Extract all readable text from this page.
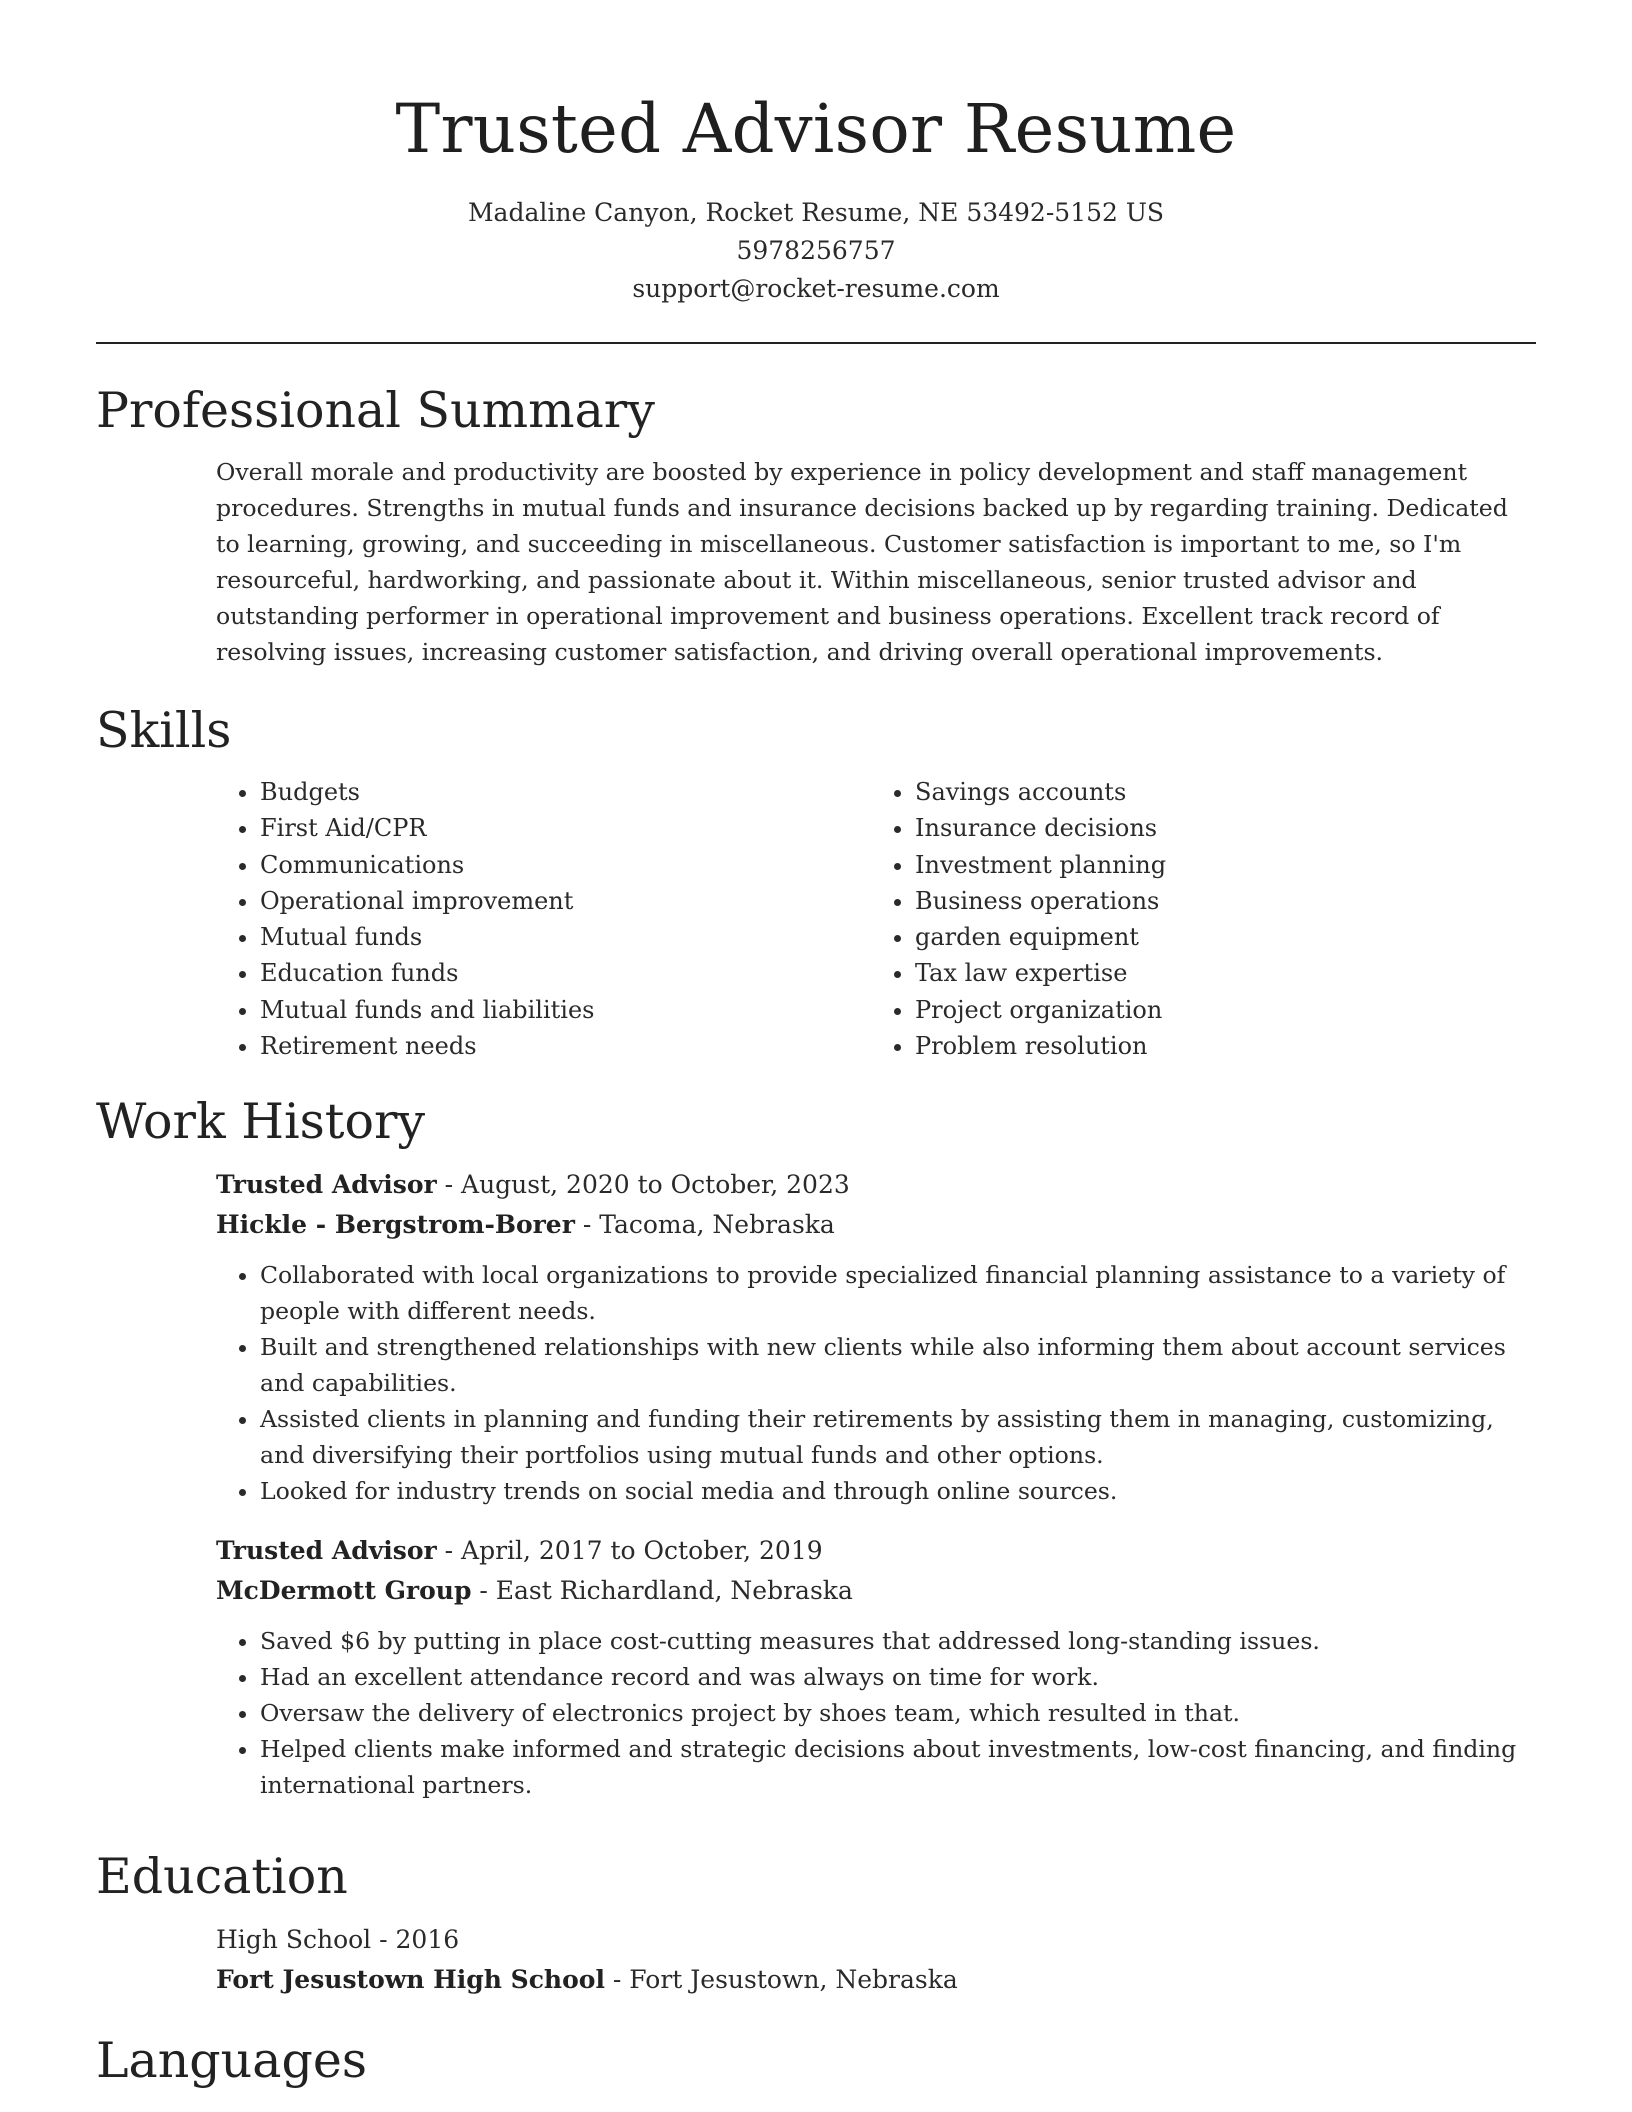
Trusted Advisor Resume
Madaline Canyon, Rocket Resume, NE 53492-5152 US
5978256757
support@rocket-resume.com
Professional Summary
Overall morale and productivity are boosted by experience in policy development and staff management procedures. Strengths in mutual funds and insurance decisions backed up by regarding training. Dedicated to learning, growing, and succeeding in miscellaneous. Customer satisfaction is important to me, so I'm resourceful, hardworking, and passionate about it. Within miscellaneous, senior trusted advisor and outstanding performer in operational improvement and business operations. Excellent track record of resolving issues, increasing customer satisfaction, and driving overall operational improvements.
Skills
• Budgets
• First Aid/CPR
• Communications
• Operational improvement
• Mutual funds
• Education funds
• Mutual funds and liabilities
• Retirement needs
• Savings accounts
• Insurance decisions
• Investment planning
• Business operations
• garden equipment
• Tax law expertise
• Project organization
• Problem resolution
Work History
Trusted Advisor - August, 2020 to October, 2023
Hickle - Bergstrom-Borer - Tacoma, Nebraska
• Collaborated with local organizations to provide specialized financial planning assistance to a variety of people with different needs.
• Built and strengthened relationships with new clients while also informing them about account services and capabilities.
• Assisted clients in planning and funding their retirements by assisting them in managing, customizing, and diversifying their portfolios using mutual funds and other options.
• Looked for industry trends on social media and through online sources.
Trusted Advisor - April, 2017 to October, 2019
McDermott Group - East Richardland, Nebraska
• Saved $6 by putting in place cost-cutting measures that addressed long-standing issues.
• Had an excellent attendance record and was always on time for work.
• Oversaw the delivery of electronics project by shoes team, which resulted in that.
• Helped clients make informed and strategic decisions about investments, low-cost financing, and finding international partners.
Education
High School - 2016
Fort Jesustown High School - Fort Jesustown, Nebraska
Languages
